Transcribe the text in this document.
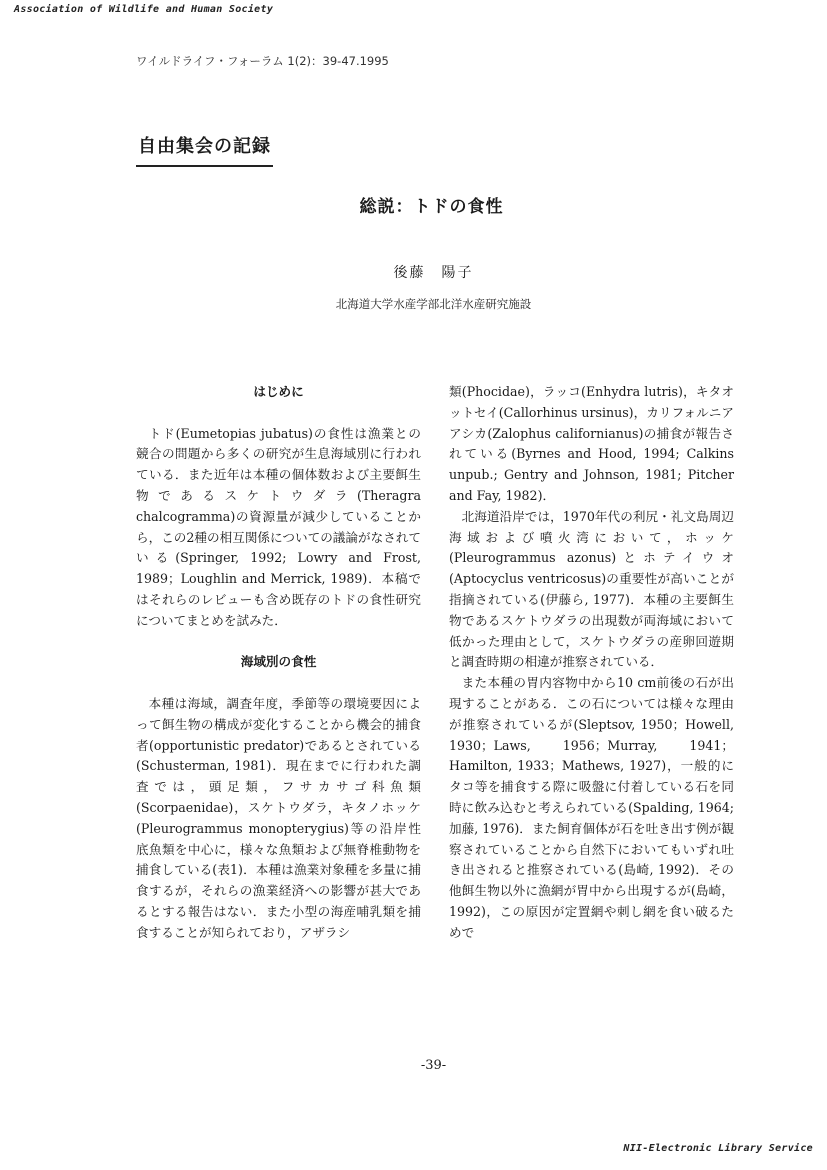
Association of Wildlife and Human Society
ワイルドライフ・フォーラム 1(2)：39-47.1995
自由集会の記録
総説：トドの食性
後藤　陽子
北海道大学水産学部北洋水産研究施設
はじめに

トド(Eumetopias jubatus)の食性は漁業との競合の問題から多くの研究が生息海域別に行われている．また近年は本種の個体数および主要餌生物であるスケトウダラ(Theragra chalcogramma)の資源量が減少していることから，この2種の相互関係についての議論がなされている(Springer, 1992; Lowry and Frost, 1989；Loughlin and Merrick, 1989)．本稿ではそれらのレビューも含め既存のトドの食性研究についてまとめを試みた．

海域別の食性

本種は海域，調査年度，季節等の環境要因によって餌生物の構成が変化することから機会的捕食者(opportunistic predator)であるとされている(Schusterman, 1981)．現在までに行われた調査では，頭足類，フサカサゴ科魚類(Scorpaenidae)，スケトウダラ，キタノホッケ(Pleurogrammus monopterygius)等の沿岸性底魚類を中心に，様々な魚類および無脊椎動物を捕食している(表1)．本種は漁業対象種を多量に捕食するが，それらの漁業経済への影響が甚大であるとする報告はない．また小型の海産哺乳類を捕食することが知られており，アザラシ

類(Phocidae)，ラッコ(Enhydra lutris)，キタオットセイ(Callorhinus ursinus)，カリフォルニアアシカ(Zalophus californianus)の捕食が報告されている(Byrnes and Hood, 1994; Calkins unpub.; Gentry and Johnson, 1981; Pitcher and Fay, 1982)．

北海道沿岸では，1970年代の利尻・礼文島周辺海域および噴火湾において，ホッケ(Pleurogrammus azonus)とホテイウオ(Aptocyclus ventricosus)の重要性が高いことが指摘されている(伊藤ら, 1977)．本種の主要餌生物であるスケトウダラの出現数が両海域において低かった理由として，スケトウダラの産卵回遊期と調査時期の相違が推察されている．

また本種の胃内容物中から10 cm前後の石が出現することがある．この石については様々な理由が推察されているが(Sleptsov, 1950；Howell, 1930；Laws, 1956；Murray, 1941；Hamilton, 1933；Mathews, 1927)，一般的にタコ等を捕食する際に吸盤に付着している石を同時に飲み込むと考えられている(Spalding, 1964; 加藤, 1976)．また飼育個体が石を吐き出す例が観察されていることから自然下においてもいずれ吐き出されると推察されている(島崎, 1992)．その他餌生物以外に漁網が胃中から出現するが(島崎，1992)，この原因が定置網や刺し網を食い破るためで

-39-
NII-Electronic Library Service
